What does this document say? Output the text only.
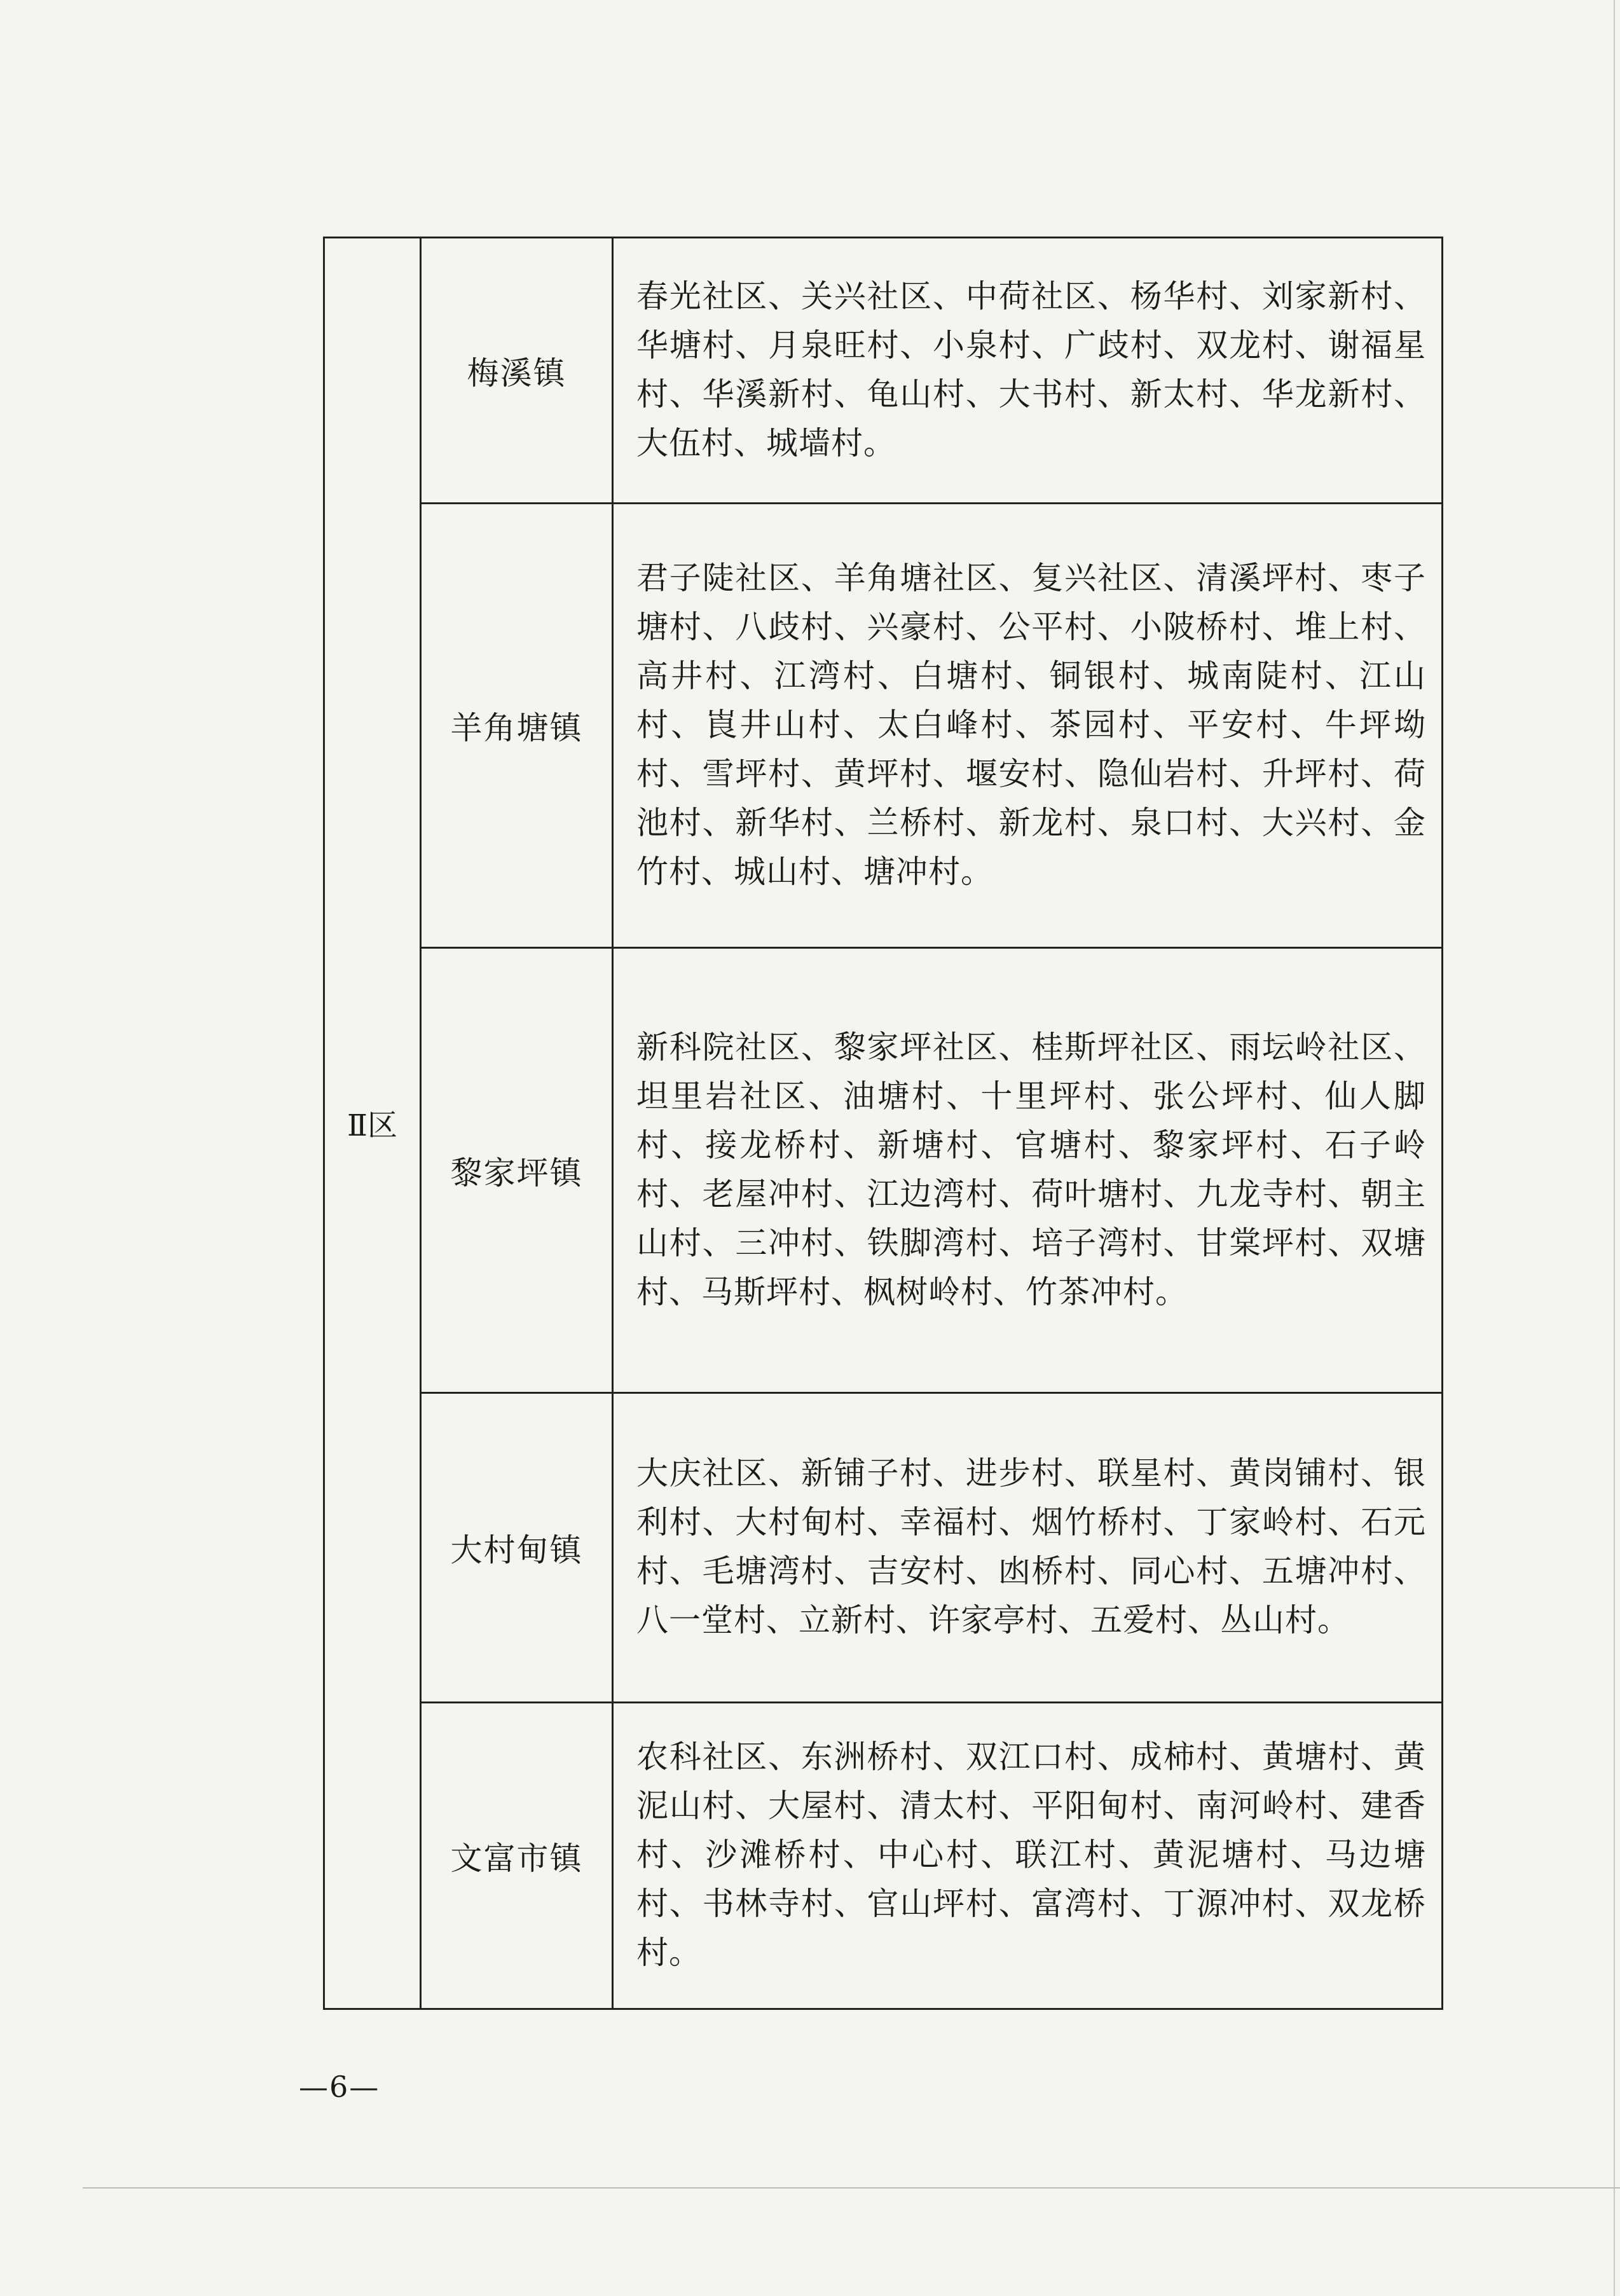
Ⅱ区	梅溪镇	春光社区、关兴社区、中荷社区、杨华村、刘家新村、华塘村、月泉旺村、小泉村、广歧村、双龙村、谢福星村、华溪新村、龟山村、大书村、新太村、华龙新村、大伍村、城墙村。
	羊角塘镇	君子陡社区、羊角塘社区、复兴社区、清溪坪村、枣子塘村、八歧村、兴豪村、公平村、小陂桥村、堆上村、高井村、江湾村、白塘村、铜银村、城南陡村、江山村、崀井山村、太白峰村、茶园村、平安村、牛坪坳村、雪坪村、黄坪村、堰安村、隐仙岩村、升坪村、荷池村、新华村、兰桥村、新龙村、泉口村、大兴村、金竹村、城山村、塘冲村。
	黎家坪镇	新科院社区、黎家坪社区、桂斯坪社区、雨坛岭社区、坦里岩社区、油塘村、十里坪村、张公坪村、仙人脚村、接龙桥村、新塘村、官塘村、黎家坪村、石子岭村、老屋冲村、江边湾村、荷叶塘村、九龙寺村、朝主山村、三冲村、铁脚湾村、培子湾村、甘棠坪村、双塘村、马斯坪村、枫树岭村、竹茶冲村。
	大村甸镇	大庆社区、新铺子村、进步村、联星村、黄岗铺村、银利村、大村甸村、幸福村、烟竹桥村、丁家岭村、石元村、毛塘湾村、吉安村、凼桥村、同心村、五塘冲村、八一堂村、立新村、许家亭村、五爱村、丛山村。
	文富市镇	农科社区、东洲桥村、双江口村、成柿村、黄塘村、黄泥山村、大屋村、清太村、平阳甸村、南河岭村、建香村、沙滩桥村、中心村、联江村、黄泥塘村、马边塘村、书林寺村、官山坪村、富湾村、丁源冲村、双龙桥村。
—6—
